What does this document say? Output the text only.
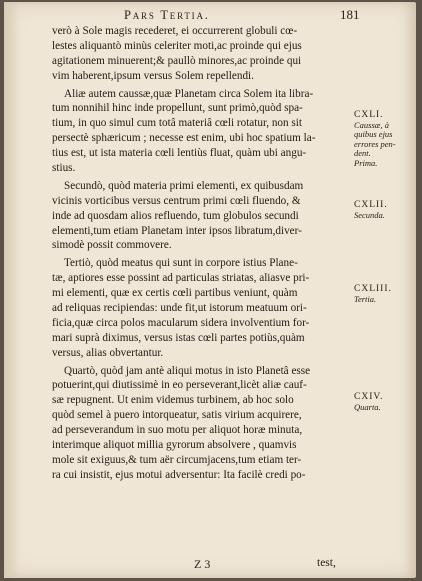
Pars Tertia.	181
verò à Sole magis recederet, ei occurrerent globuli cœ-
lestes aliquantò minùs celeriter moti,ac proinde qui ejus
agitationem minuerent;& paullò minores,ac proinde qui
vim haberent,ipsum versus Solem repellendi.
Aliæ autem caussæ,quæ Planetam circa Solem ita libra-
tum nonnihil hinc inde propellunt, sunt primò,quòd spa-
tium, in quo simul cum totâ materiâ cœli rotatur, non sit
persectè sphæricum ; necesse est enim, ubi hoc spatium la-
tius est, ut ista materia cœli lentiùs fluat, quàm ubi angu-
stius.
Secundò, quòd materia primi elementi, ex quibusdam
vicinis vorticibus versus centrum primi cœli fluendo, &
inde ad quosdam alios refluendo, tum globulos secundi
elementi,tum etiam Planetam inter ipsos libratum,diver-
simodè possit commovere.
Tertiò, quòd meatus qui sunt in corpore istius Plane-
tæ, aptiores esse possint ad particulas striatas, aliasve pri-
mi elementi, quæ ex certis cœli partibus veniunt, quàm
ad reliquas recipiendas: unde fit,ut istorum meatuum ori-
ficia,quæ circa polos macularum sidera involventium for-
mari suprà diximus, versus istas cœli partes potiùs,quàm
versus, alias obvertantur.
Quartò, quòd jam antè aliqui motus in isto Planetâ esse
potuerint,qui diutissimè in eo perseverant,licèt aliæ cauf-
sæ repugnent. Ut enim videmus turbinem, ab hoc solo
quòd semel à puero intorqueatur, satis virium acquirere,
ad perseverandum in suo motu per aliquot horæ minuta,
interimque aliquot millia gyrorum absolvere , quamvis
mole sit exiguus,& tum aër circumjacens,tum etiam ter-
ra cui insistit, ejus motui adversentur: Ita facilè credi po-
CXLI.
Caussæ, à
quibus ejus
errores pen-
dent.
Prima.
CXLII.
Secunda.
CXLIII.
Tertia.
CXIV.
Quarta.
Z 3	test,
